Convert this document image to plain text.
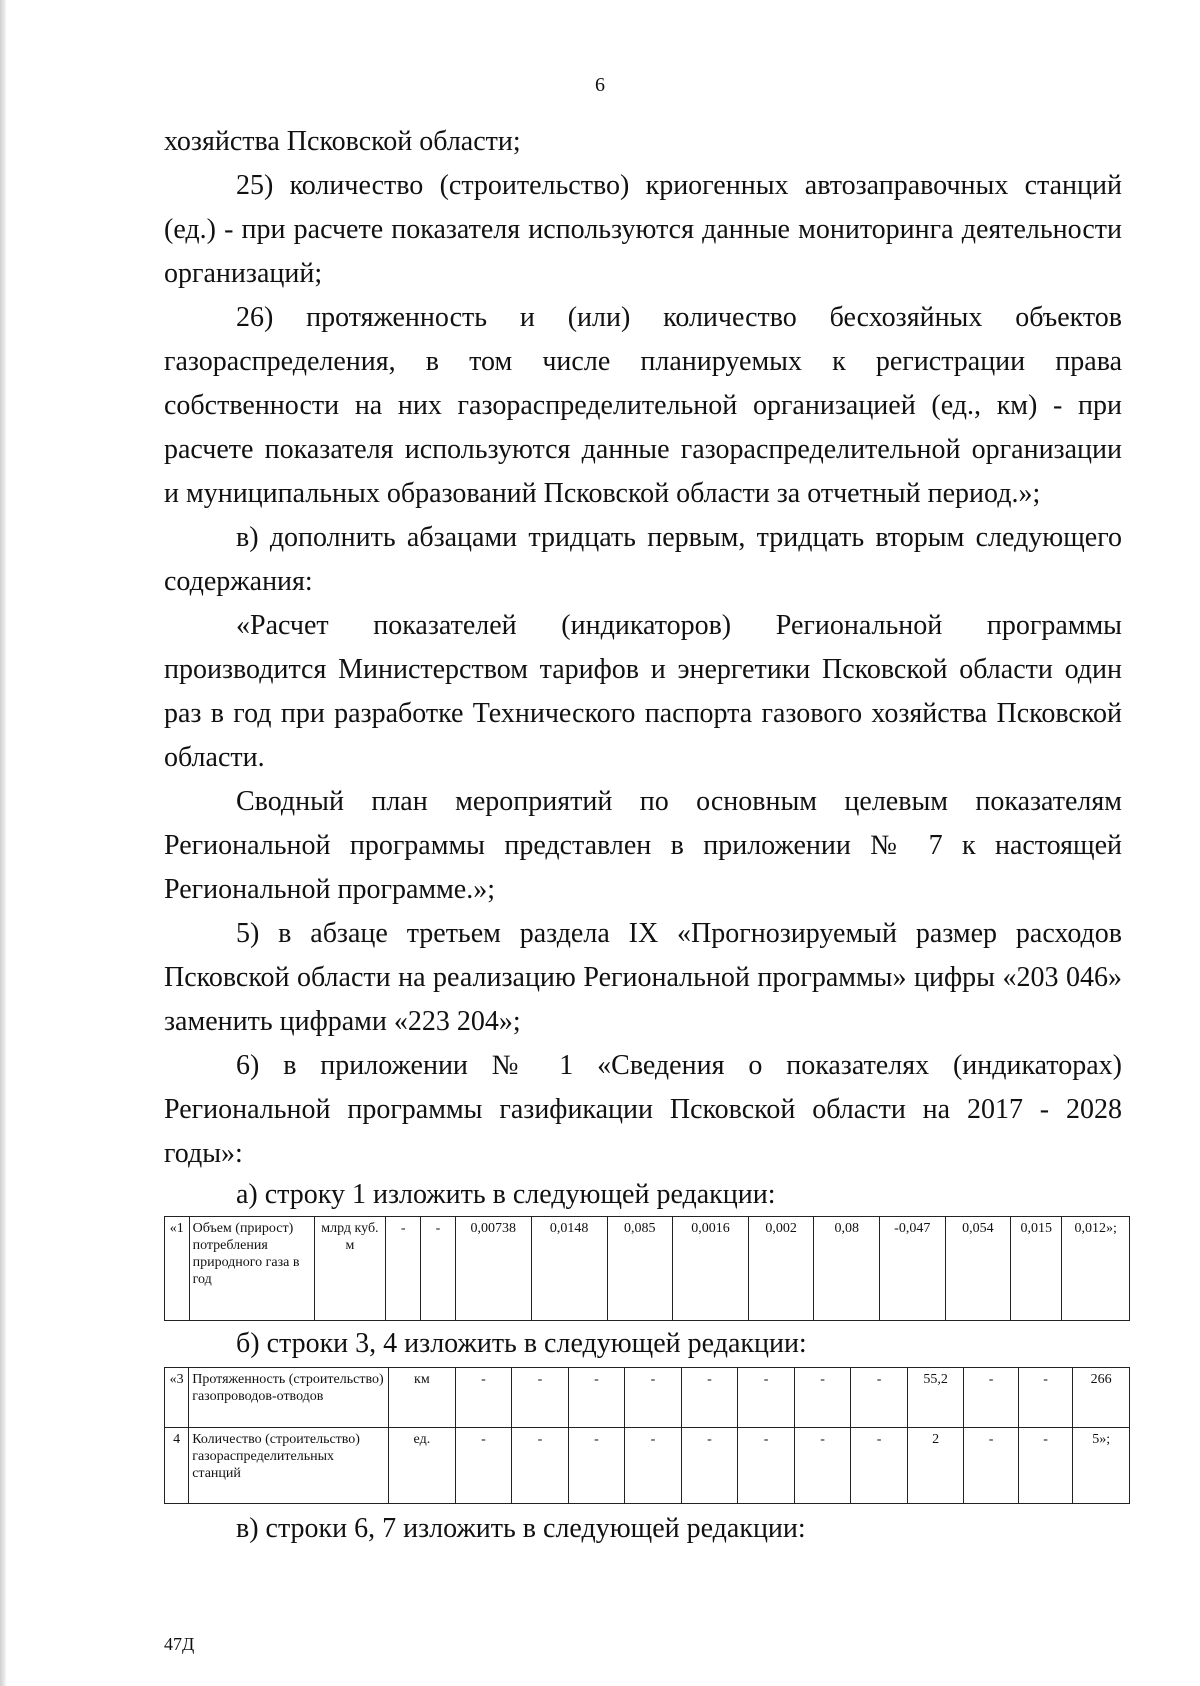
6

хозяйства Псковской области;

25) количество (строительство) криогенных автозаправочных станций (ед.) - при расчете показателя используются данные мониторинга деятельности организаций;

26) протяженность и (или) количество бесхозяйных объектов газораспределения, в том числе планируемых к регистрации права собственности на них газораспределительной организацией (ед., км) - при расчете показателя используются данные газораспределительной организации и муниципальных образований Псковской области за отчетный период.»;

в) дополнить абзацами тридцать первым, тридцать вторым следующего содержания:

«Расчет показателей (индикаторов) Региональной программы производится Министерством тарифов и энергетики Псковской области один раз в год при разработке Технического паспорта газового хозяйства Псковской области.

Сводный план мероприятий по основным целевым показателям Региональной программы представлен в приложении № 7 к настоящей Региональной программе.»;

5) в абзаце третьем раздела IX «Прогнозируемый размер расходов Псковской области на реализацию Региональной программы» цифры «203 046» заменить цифрами «223 204»;

6) в приложении № 1 «Сведения о показателях (индикаторах) Региональной программы газификации Псковской области на 2017 - 2028 годы»:

а) строку 1 изложить в следующей редакции:

«1	Объем (прирост) потребления природного газа в год	млрд куб. м	-	-	0,00738	0,0148	0,085	0,0016	0,002	0,08	-0,047	0,054	0,015	0,012»;

б) строки 3, 4 изложить в следующей редакции:

«3	Протяженность (строительство) газопроводов-отводов	км	-	-	-	-	-	-	-	-	55,2	-	-	266
4	Количество (строительство) газораспределительных станций	ед.	-	-	-	-	-	-	-	-	2	-	-	5»;

в) строки 6, 7 изложить в следующей редакции:

47Д
